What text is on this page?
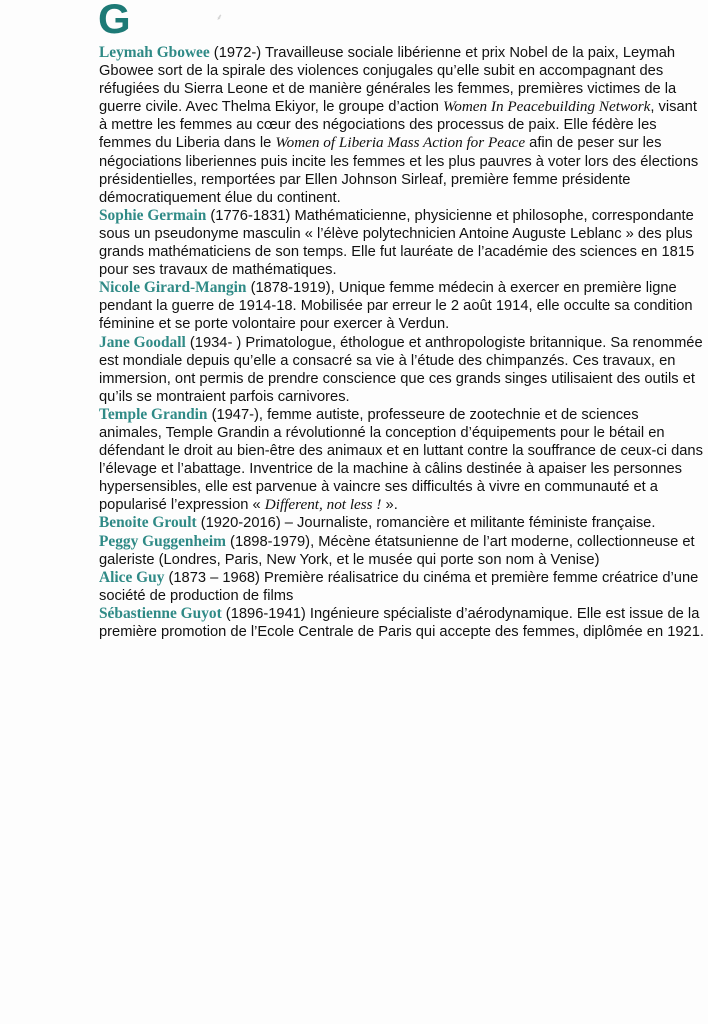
G	⸙

Leymah Gbowee (1972-) Travailleuse sociale libérienne et prix Nobel de la paix, Leymah Gbowee sort de la spirale des violences conjugales qu’elle subit en accompagnant des réfugiées du Sierra Leone et de manière générales les femmes, premières victimes de la guerre civile. Avec Thelma Ekiyor, le groupe d’action Women In Peacebuilding Network, visant à mettre les femmes au cœur des négociations des processus de paix. Elle fédère les femmes du Liberia dans le Women of Liberia Mass Action for Peace afin de peser sur les négociations liberiennes puis incite les femmes et les plus pauvres à voter lors des élections présidentielles, remportées par Ellen Johnson Sirleaf, première femme présidente démocratiquement élue du continent.

Sophie Germain (1776-1831) Mathématicienne, physicienne et philosophe, correspondante sous un pseudonyme masculin « l’élève polytechnicien Antoine Auguste Leblanc » des plus grands mathématiciens de son temps. Elle fut lauréate de l’académie des sciences en 1815 pour ses travaux de mathématiques.

Nicole Girard-Mangin (1878-1919), Unique femme médecin à exercer en première ligne pendant la guerre de 1914-18. Mobilisée par erreur le 2 août 1914, elle occulte sa condition féminine et se porte volontaire pour exercer à Verdun.

Jane Goodall (1934- ) Primatologue, éthologue et anthropologiste britannique. Sa renommée est mondiale depuis qu’elle a consacré sa vie à l’étude des chimpanzés. Ces travaux, en immersion, ont permis de prendre conscience que ces grands singes utilisaient des outils et qu’ils se montraient parfois carnivores.

Temple Grandin (1947-), femme autiste, professeure de zootechnie et de sciences animales, Temple Grandin a révolutionné la conception d’équipements pour le bétail en défendant le droit au bien-être des animaux et en luttant contre la souffrance de ceux-ci dans l’élevage et l’abattage. Inventrice de la machine à câlins destinée à apaiser les personnes hypersensibles, elle est parvenue à vaincre ses difficultés à vivre en communauté et a popularisé l’expression « Different, not less ! ».

Benoite Groult (1920-2016) – Journaliste, romancière et militante féministe française.

Peggy Guggenheim (1898-1979), Mécène étatsunienne de l’art moderne, collectionneuse et galeriste (Londres, Paris, New York, et le musée qui porte son nom à Venise)

Alice Guy (1873 – 1968) Première réalisatrice du cinéma et première femme créatrice d’une société de production de films

Sébastienne Guyot (1896-1941) Ingénieure spécialiste d’aérodynamique. Elle est issue de la première promotion de l’Ecole Centrale de Paris qui accepte des femmes, diplômée en 1921.
